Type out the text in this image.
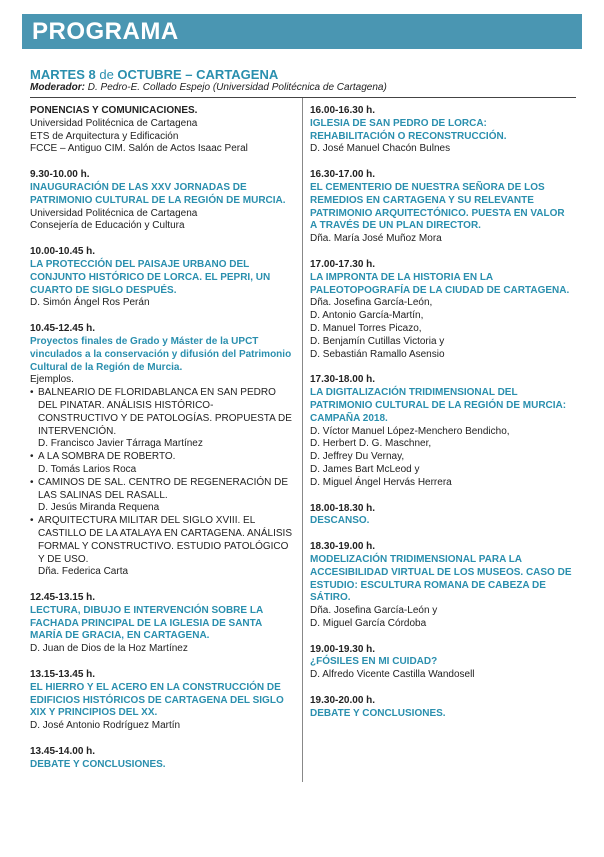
PROGRAMA
MARTES 8 de OCTUBRE – CARTAGENA
Moderador: D. Pedro-E. Collado Espejo (Universidad Politécnica de Cartagena)
PONENCIAS Y COMUNICACIONES.
Universidad Politécnica de Cartagena
ETS de Arquitectura y Edificación
FCCE – Antiguo CIM. Salón de Actos Isaac Peral
9.30-10.00 h.
INAUGURACIÓN DE LAS XXV JORNADAS DE PATRIMONIO CULTURAL DE LA REGIÓN DE MURCIA.
Universidad Politécnica de Cartagena
Consejería de Educación y Cultura
10.00-10.45 h.
LA PROTECCIÓN DEL PAISAJE URBANO DEL CONJUNTO HISTÓRICO DE LORCA. EL PEPRI, UN CUARTO DE SIGLO DESPUÉS.
D. Simón Ángel Ros Perán
10.45-12.45 h.
Proyectos finales de Grado y Máster de la UPCT vinculados a la conservación y difusión del Patrimonio Cultural de la Región de Murcia.
Ejemplos.
• BALNEARIO DE FLORIDABLANCA EN SAN PEDRO DEL PINATAR. ANÁLISIS HISTÓRICO-CONSTRUCTIVO Y DE PATOLOGÍAS. PROPUESTA DE INTERVENCIÓN.
D. Francisco Javier Tárraga Martínez
• A LA SOMBRA DE ROBERTO.
D. Tomás Larios Roca
• CAMINOS DE SAL. CENTRO DE REGENERACIÓN DE LAS SALINAS DEL RASALL.
D. Jesús Miranda Requena
• ARQUITECTURA MILITAR DEL SIGLO XVIII. EL CASTILLO DE LA ATALAYA EN CARTAGENA. ANÁLISIS FORMAL Y CONSTRUCTIVO. ESTUDIO PATOLÓGICO Y DE USO.
Dña. Federica Carta
12.45-13.15 h.
LECTURA, DIBUJO E INTERVENCIÓN SOBRE LA FACHADA PRINCIPAL DE LA IGLESIA DE SANTA MARÍA DE GRACIA, EN CARTAGENA.
D. Juan de Dios de la Hoz Martínez
13.15-13.45 h.
EL HIERRO Y EL ACERO EN LA CONSTRUCCIÓN DE EDIFICIOS HISTÓRICOS DE CARTAGENA DEL SIGLO XIX Y PRINCIPIOS DEL XX.
D. José Antonio Rodríguez Martín
13.45-14.00 h.
DEBATE Y CONCLUSIONES.
16.00-16.30 h.
IGLESIA DE SAN PEDRO DE LORCA: REHABILITACIÓN O RECONSTRUCCIÓN.
D. José Manuel Chacón Bulnes
16.30-17.00 h.
EL CEMENTERIO DE NUESTRA SEÑORA DE LOS REMEDIOS EN CARTAGENA Y SU RELEVANTE PATRIMONIO ARQUITECTÓNICO. PUESTA EN VALOR A TRAVÉS DE UN PLAN DIRECTOR.
Dña. María José Muñoz Mora
17.00-17.30 h.
LA IMPRONTA DE LA HISTORIA EN LA PALEOTOPOGRAFÍA DE LA CIUDAD DE CARTAGENA.
Dña. Josefina García-León,
D. Antonio García-Martín,
D. Manuel Torres Picazo,
D. Benjamín Cutillas Victoria y
D. Sebastián Ramallo Asensio
17.30-18.00 h.
LA DIGITALIZACIÓN TRIDIMENSIONAL DEL PATRIMONIO CULTURAL DE LA REGIÓN DE MURCIA: CAMPAÑA 2018.
D. Víctor Manuel López-Menchero Bendicho,
D. Herbert D. G. Maschner,
D. Jeffrey Du Vernay,
D. James Bart McLeod y
D. Miguel Ángel Hervás Herrera
18.00-18.30 h.
DESCANSO.
18.30-19.00 h.
MODELIZACIÓN TRIDIMENSIONAL PARA LA ACCESIBILIDAD VIRTUAL DE LOS MUSEOS. CASO DE ESTUDIO: ESCULTURA ROMANA DE CABEZA DE SÁTIRO.
Dña. Josefina García-León y
D. Miguel García Córdoba
19.00-19.30 h.
¿FÓSILES EN MI CUIDAD?
D. Alfredo Vicente Castilla Wandosell
19.30-20.00 h.
DEBATE Y CONCLUSIONES.
